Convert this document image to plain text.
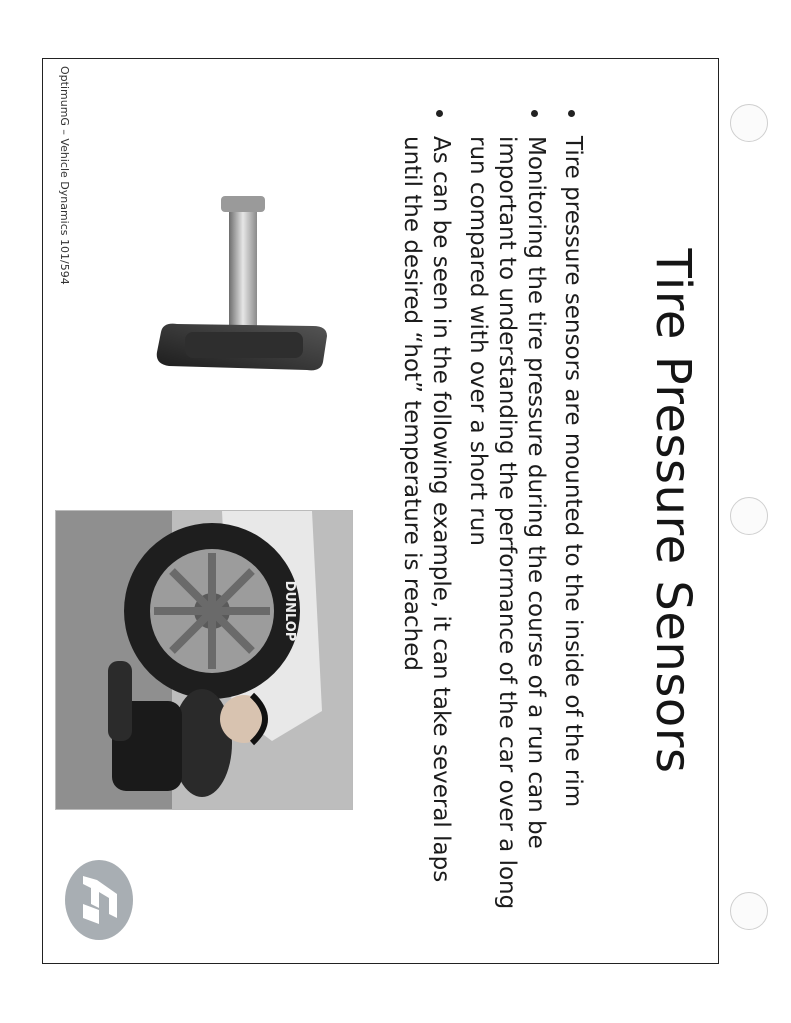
Tire Pressure Sensors
Tire pressure sensors are mounted to the inside of the rim
Monitoring the tire pressure during the course of a run can be important to understanding the performance of the car over a long run compared with over a short run
As can be seen in the following example, it can take several laps until the desired “hot” temperature is reached
DUNLOP

OptimumG – Vehicle Dynamics 101/594
